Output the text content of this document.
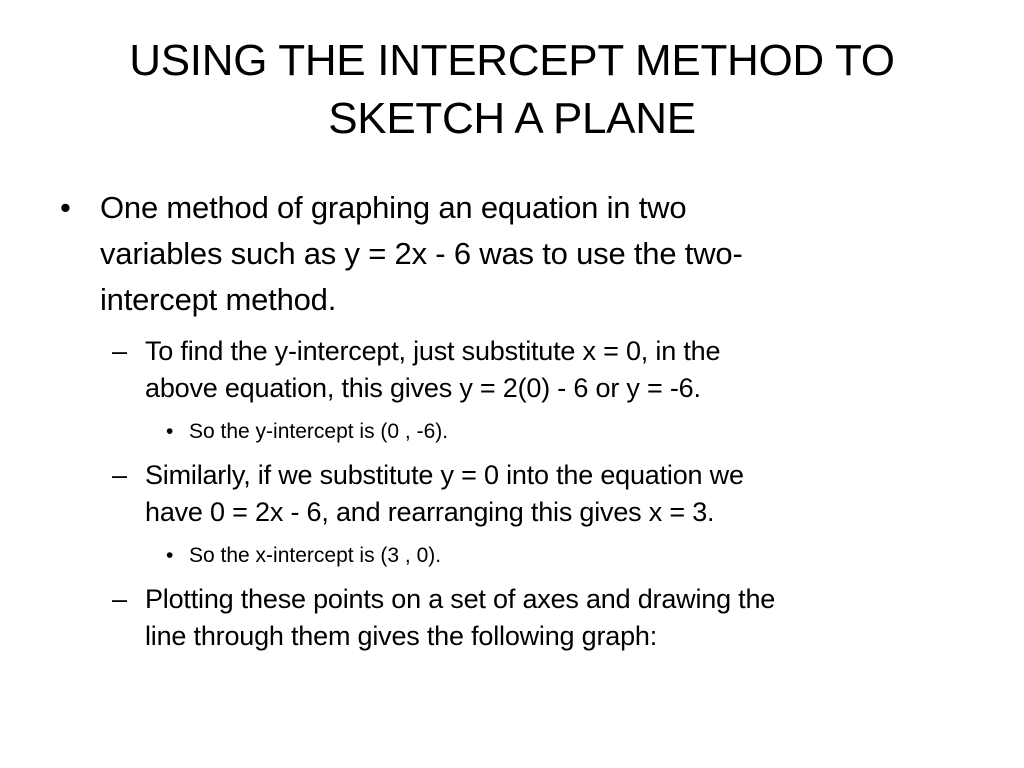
USING THE INTERCEPT METHOD TO
SKETCH A PLANE
• One method of graphing an equation in two
variables such as y = 2x - 6 was to use the two-
intercept method.
– To find the y-intercept, just substitute x = 0, in the
above equation, this gives y = 2(0) - 6 or y = -6.
• So the y-intercept is (0 , -6).
– Similarly, if we substitute y = 0 into the equation we
have 0 = 2x - 6, and rearranging this gives x = 3.
• So the x-intercept is (3 , 0).
– Plotting these points on a set of axes and drawing the
line through them gives the following graph:
